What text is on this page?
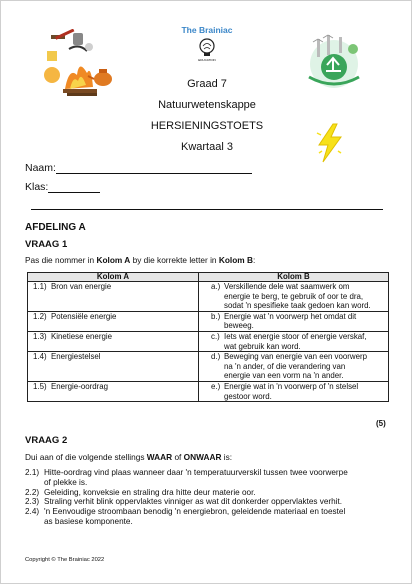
The Brainiac
EDUCATION
Graad 7
Natuurwetenskappe
HERSIENINGSTOETS
Kwartaal 3
Naam:
Klas:
AFDELING A
VRAAG 1
Pas die nommer in Kolom A by die korrekte letter in Kolom B:
Kolom A	Kolom B
1.1) Bron van energie	a.) Verskillende dele wat saamwerk om
energie te berg, te gebruik of oor te dra,
sodat 'n spesifieke taak gedoen kan word.

1.2) Potensiële energie	b.) Energie wat 'n voorwerp het omdat dit
beweeg.

1.3) Kinetiese energie	c.) Iets wat energie stoor of energie verskaf,
wat gebruik kan word.

1.4) Energiestelsel	d.) Beweging van energie van een voorwerp
na 'n ander, of die verandering van
energie van een vorm na 'n ander.

1.5) Energie-oordrag	e.) Energie wat in 'n voorwerp of 'n stelsel
gestoor word.
(5)
VRAAG 2
Dui aan of die volgende stellings WAAR of ONWAAR is:
2.1) Hitte-oordrag vind plaas wanneer daar 'n temperatuurverskil tussen twee voorwerpe
of plekke is.
2.2) Geleiding, konveksie en straling dra hitte deur materie oor.
2.3) Straling verhit blink oppervlaktes vinniger as wat dit donkerder oppervlaktes verhit.
2.4) 'n Eenvoudige stroombaan benodig 'n energiebron, geleidende materiaal en toestel
as basiese komponente.
Copyright © The Brainiac 2022
